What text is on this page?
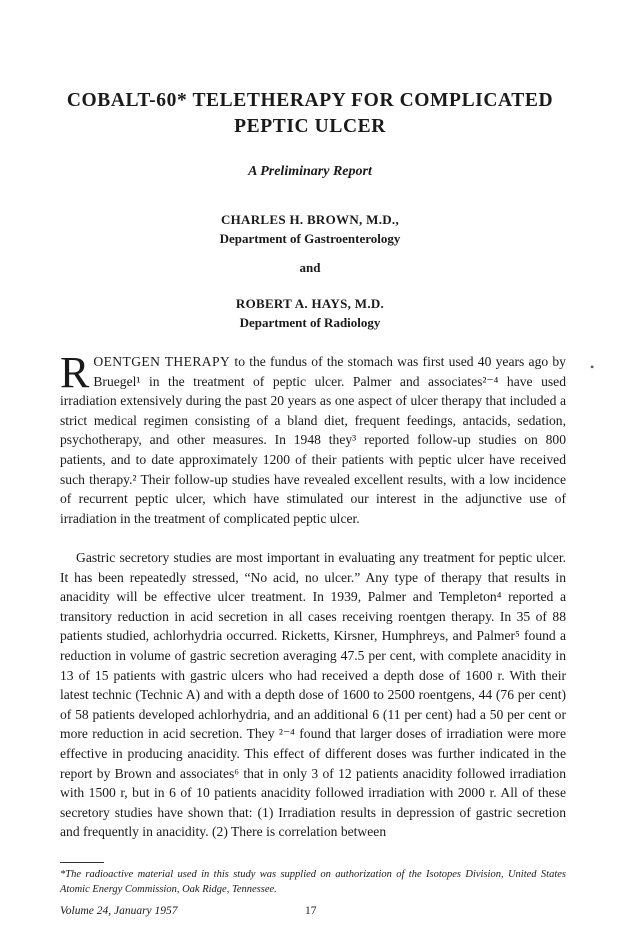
COBALT-60* TELETHERAPY FOR COMPLICATED
PEPTIC ULCER
A Preliminary Report
CHARLES H. BROWN, M.D.,
Department of Gastroenterology
and
ROBERT A. HAYS, M.D.
Department of Radiology
•
ROENTGEN THERAPY to the fundus of the stomach was first used 40 years ago by Bruegel¹ in the treatment of peptic ulcer. Palmer and associates²⁻⁴ have used irradiation extensively during the past 20 years as one aspect of ulcer therapy that included a strict medical regimen consisting of a bland diet, frequent feedings, antacids, sedation, psychotherapy, and other measures. In 1948 they³ reported follow-up studies on 800 patients, and to date approximately 1200 of their patients with peptic ulcer have received such therapy.² Their follow-up studies have revealed excellent results, with a low incidence of recurrent peptic ulcer, which have stimulated our interest in the adjunctive use of irradiation in the treatment of complicated peptic ulcer.
Gastric secretory studies are most important in evaluating any treatment for peptic ulcer. It has been repeatedly stressed, “No acid, no ulcer.” Any type of therapy that results in anacidity will be effective ulcer treatment. In 1939, Palmer and Templeton⁴ reported a transitory reduction in acid secretion in all cases receiving roentgen therapy. In 35 of 88 patients studied, achlorhydria occurred. Ricketts, Kirsner, Humphreys, and Palmer⁵ found a reduction in volume of gastric secretion averaging 47.5 per cent, with complete anacidity in 13 of 15 patients with gastric ulcers who had received a depth dose of 1600 r. With their latest technic (Technic A) and with a depth dose of 1600 to 2500 roentgens, 44 (76 per cent) of 58 patients developed achlorhydria, and an additional 6 (11 per cent) had a 50 per cent or more reduction in acid secretion. They ²⁻⁴ found that larger doses of irradiation were more effective in producing anacidity. This effect of different doses was further indicated in the report by Brown and associates⁶ that in only 3 of 12 patients anacidity followed irradiation with 1500 r, but in 6 of 10 patients anacidity followed irradiation with 2000 r. All of these secretory studies have shown that: (1) Irradiation results in depression of gastric secretion and frequently in anacidity. (2) There is correlation between
*The radioactive material used in this study was supplied on authorization of the Isotopes Division, United States Atomic Energy Commission, Oak Ridge, Tennessee.
Volume 24, January 1957	17
